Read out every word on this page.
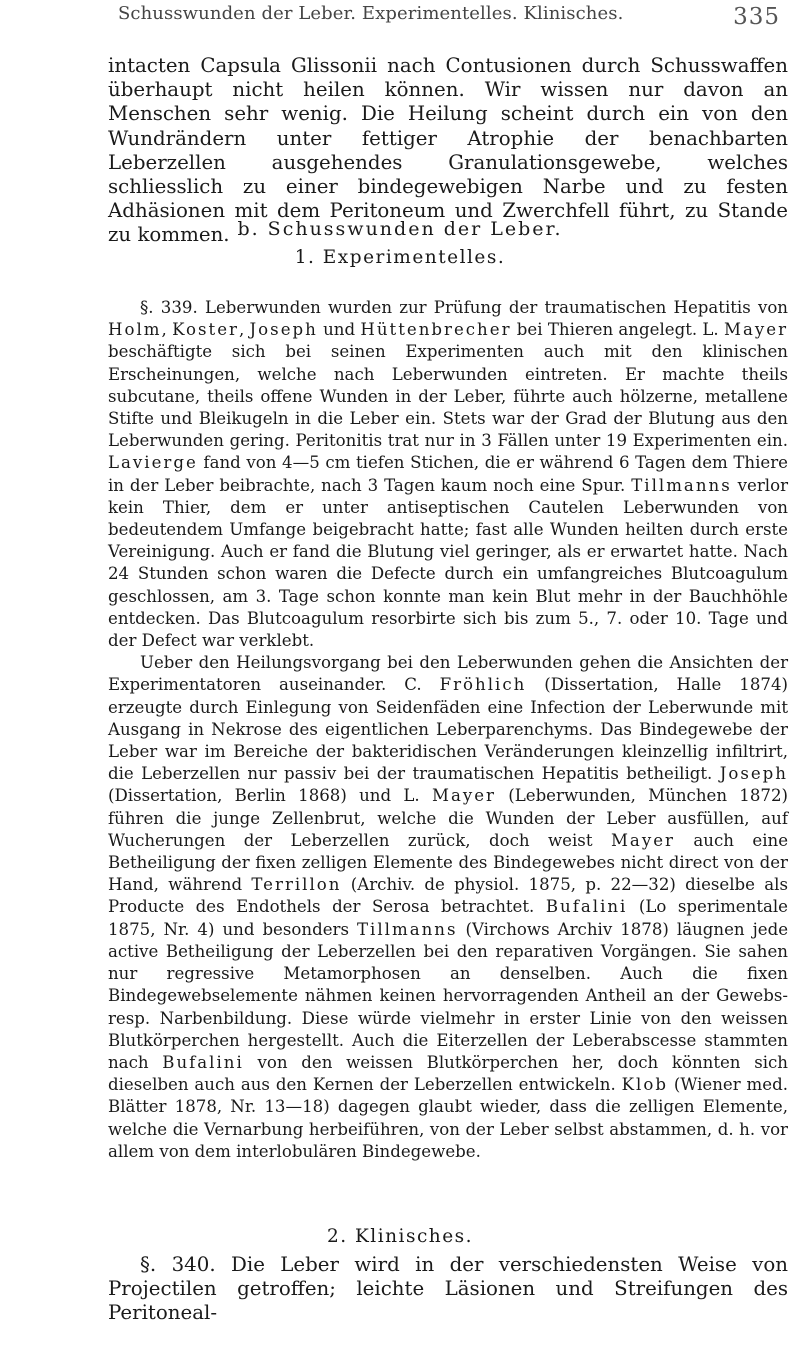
Schusswunden der Leber. Experimentelles. Klinisches.	335

intacten Capsula Glissonii nach Contusionen durch Schusswaffen überhaupt nicht heilen können. Wir wissen nur davon an Menschen sehr wenig. Die Heilung scheint durch ein von den Wundrändern unter fettiger Atrophie der benachbarten Leberzellen ausgehendes Granulationsgewebe, welches schliesslich zu einer bindegewebigen Narbe und zu festen Adhäsionen mit dem Peritoneum und Zwerchfell führt, zu Stande zu kommen. b. Schusswunden der Leber.
1. Experimentelles.

§. 339. Leberwunden wurden zur Prüfung der traumatischen Hepatitis von Holm, Koster, Joseph und Hüttenbrecher bei Thieren angelegt. L. Mayer beschäftigte sich bei seinen Experimenten auch mit den klinischen Erscheinungen, welche nach Leberwunden eintreten. Er machte theils subcutane, theils offene Wunden in der Leber, führte auch hölzerne, metallene Stifte und Bleikugeln in die Leber ein. Stets war der Grad der Blutung aus den Leberwunden gering. Peritonitis trat nur in 3 Fällen unter 19 Experimenten ein. Lavierge fand von 4—5 cm tiefen Stichen, die er während 6 Tagen dem Thiere in der Leber beibrachte, nach 3 Tagen kaum noch eine Spur. Tillmanns verlor kein Thier, dem er unter antiseptischen Cautelen Leberwunden von bedeutendem Umfange beigebracht hatte; fast alle Wunden heilten durch erste Vereinigung. Auch er fand die Blutung viel geringer, als er erwartet hatte. Nach 24 Stunden schon waren die Defecte durch ein umfangreiches Blutcoagulum geschlossen, am 3. Tage schon konnte man kein Blut mehr in der Bauchhöhle entdecken. Das Blutcoagulum resorbirte sich bis zum 5., 7. oder 10. Tage und der Defect war verklebt.

Ueber den Heilungsvorgang bei den Leberwunden gehen die Ansichten der Experimentatoren auseinander. C. Fröhlich (Dissertation, Halle 1874) erzeugte durch Einlegung von Seidenfäden eine Infection der Leberwunde mit Ausgang in Nekrose des eigentlichen Leberparenchyms. Das Bindegewebe der Leber war im Bereiche der bakteridischen Veränderungen kleinzellig infiltrirt, die Leberzellen nur passiv bei der traumatischen Hepatitis betheiligt. Joseph (Dissertation, Berlin 1868) und L. Mayer (Leberwunden, München 1872) führen die junge Zellenbrut, welche die Wunden der Leber ausfüllen, auf Wucherungen der Leberzellen zurück, doch weist Mayer auch eine Betheiligung der fixen zelligen Elemente des Bindegewebes nicht direct von der Hand, während Terrillon (Archiv. de physiol. 1875, p. 22—32) dieselbe als Producte des Endothels der Serosa betrachtet. Bufalini (Lo sperimentale 1875, Nr. 4) und besonders Tillmanns (Virchows Archiv 1878) läugnen jede active Betheiligung der Leberzellen bei den reparativen Vorgängen. Sie sahen nur regressive Metamorphosen an denselben. Auch die fixen Bindegewebselemente nähmen keinen hervorragenden Antheil an der Gewebs- resp. Narbenbildung. Diese würde vielmehr in erster Linie von den weissen Blutkörperchen hergestellt. Auch die Eiterzellen der Leberabscesse stammten nach Bufalini von den weissen Blutkörperchen her, doch könnten sich dieselben auch aus den Kernen der Leberzellen entwickeln. Klob (Wiener med. Blätter 1878, Nr. 13—18) dagegen glaubt wieder, dass die zelligen Elemente, welche die Vernarbung herbeiführen, von der Leber selbst abstammen, d. h. vor allem von dem interlobulären Bindegewebe.

2. Klinisches.

§. 340. Die Leber wird in der verschiedensten Weise von Projectilen getroffen; leichte Läsionen und Streifungen des Peritoneal-
